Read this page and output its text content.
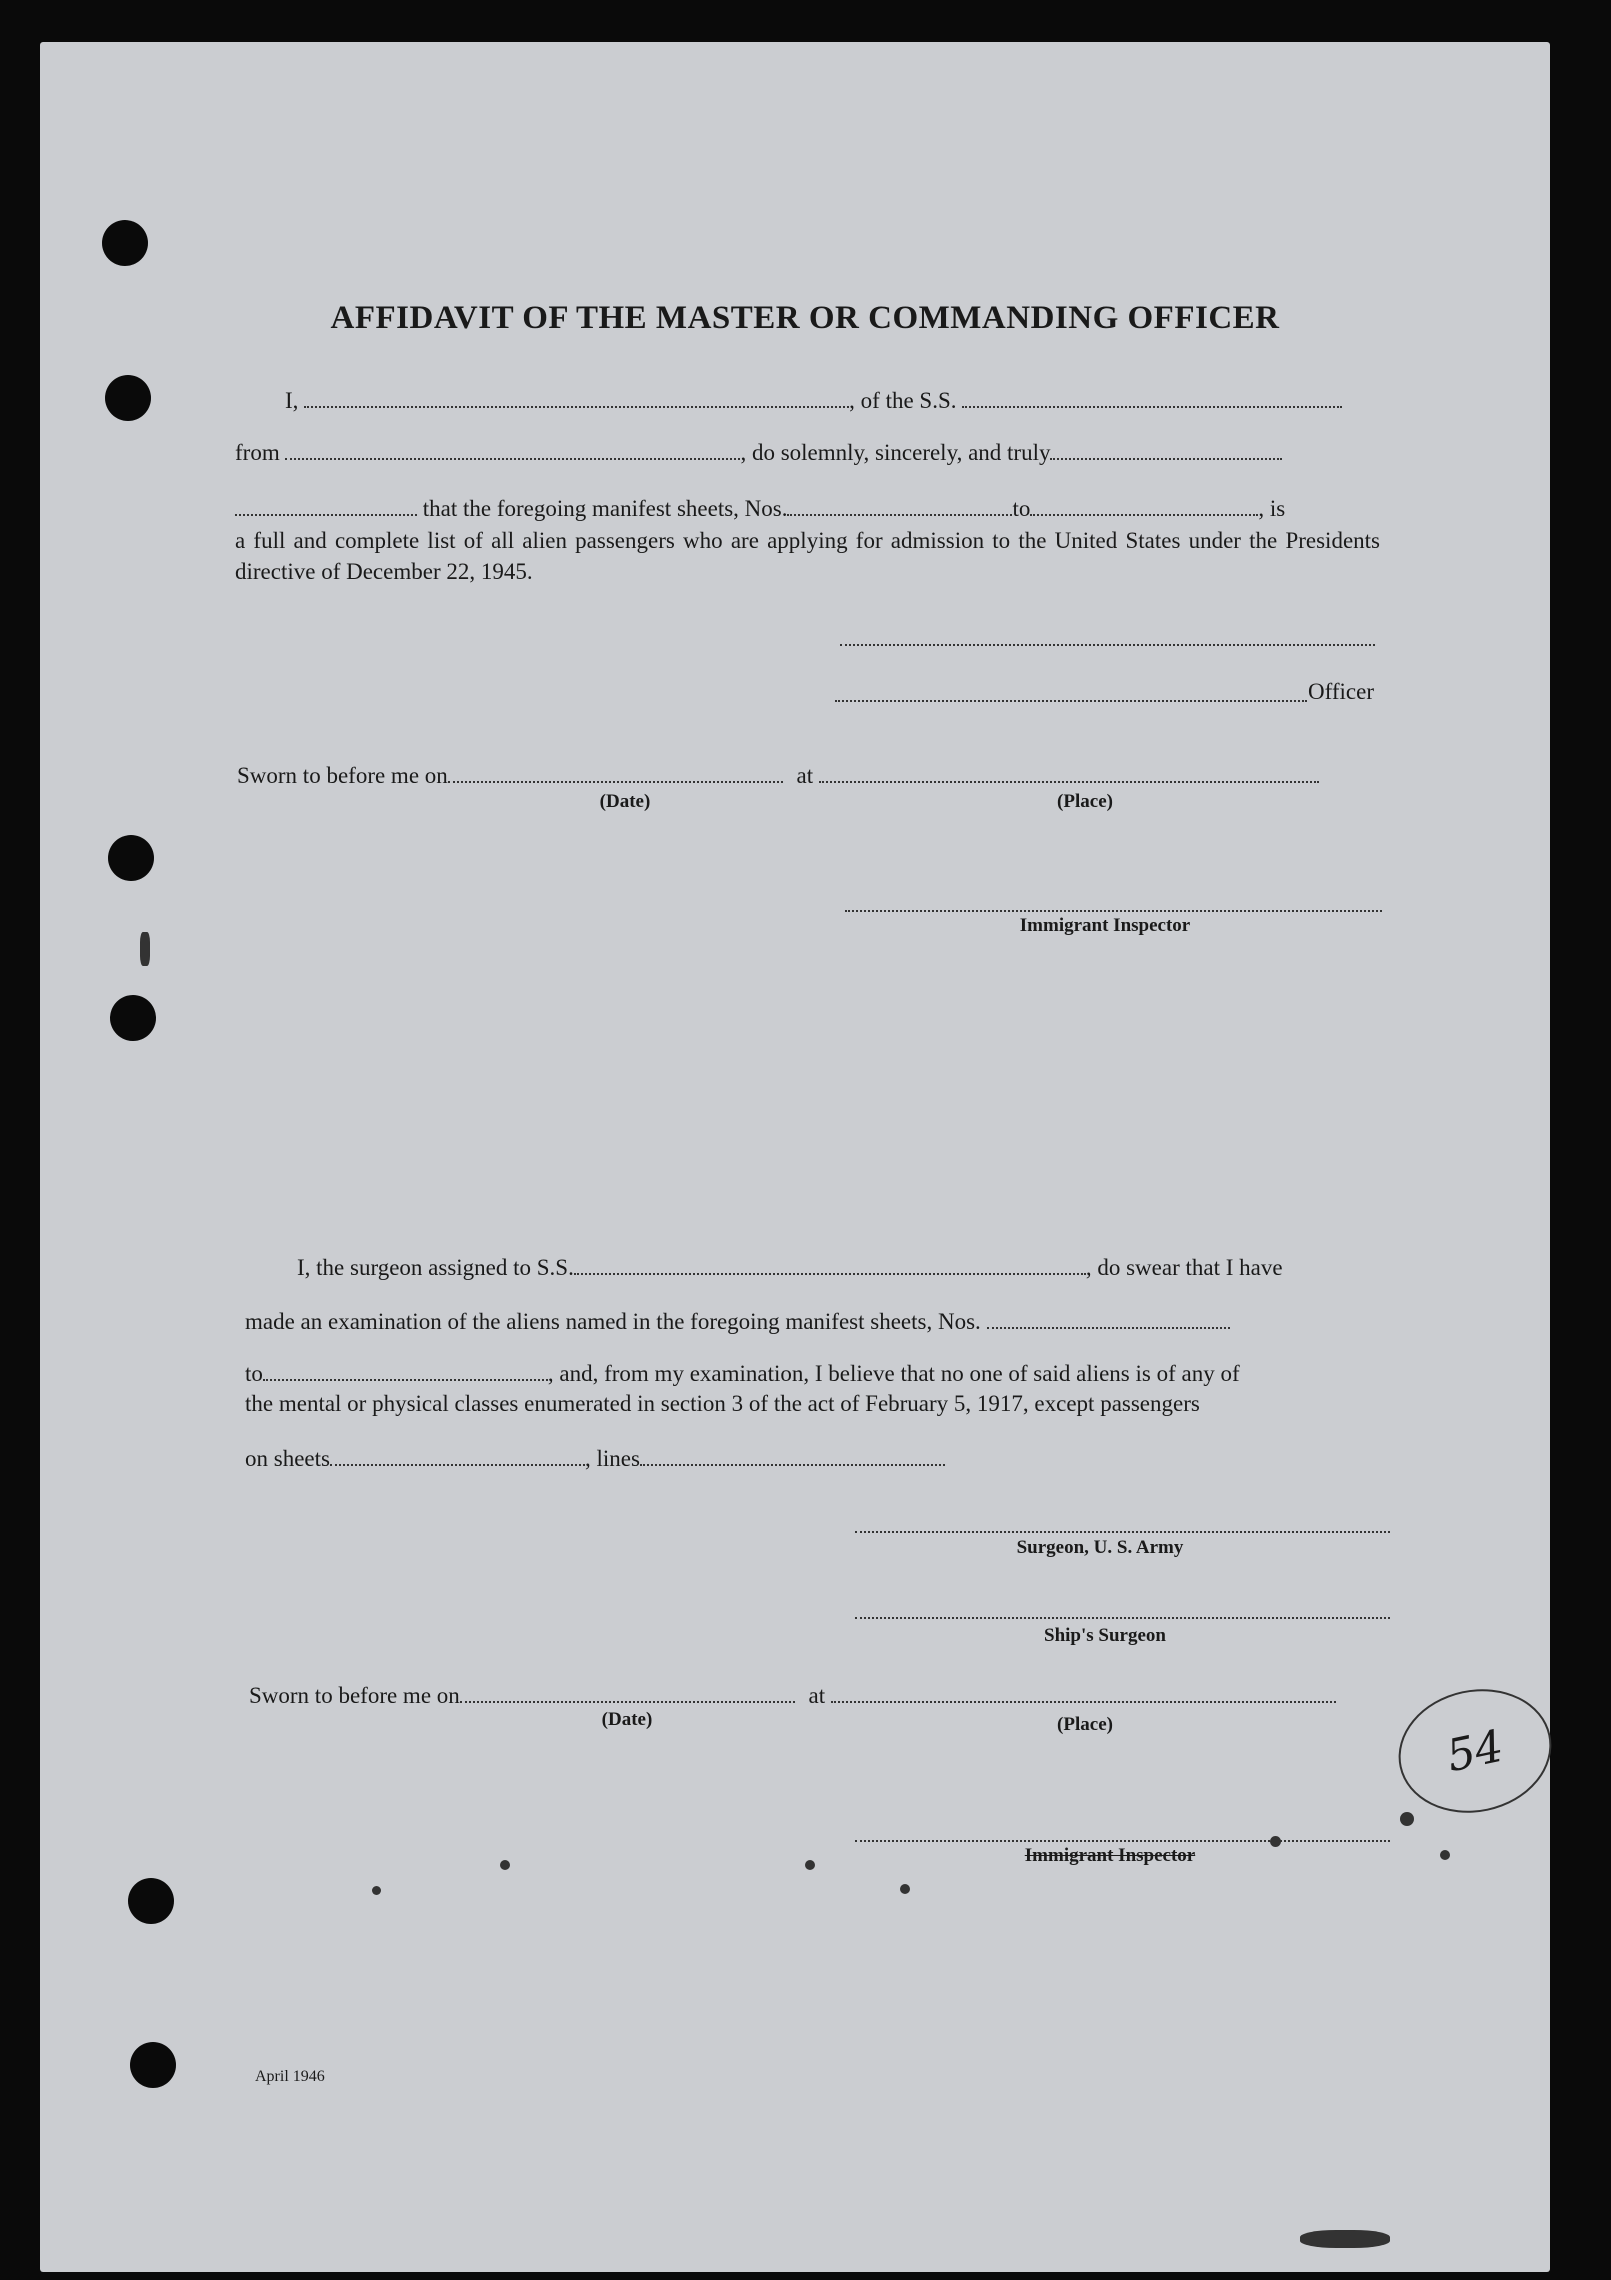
AFFIDAVIT OF THE MASTER OR COMMANDING OFFICER
I,	, of the S.S.
from	, do solemnly, sincerely, and truly
that the foregoing manifest sheets, Nos.	to	, is
a full and complete list of all alien passengers who are applying for admission to the United States under the Presidents directive of December 22, 1945.
Officer
Sworn to before me on	at
(Date)	(Place)
Immigrant Inspector
I, the surgeon assigned to S.S.	, do swear that I have
made an examination of the aliens named in the foregoing manifest sheets, Nos.
to	, and, from my examination, I believe that no one of said aliens is of any of
the mental or physical classes enumerated in section 3 of the act of February 5, 1917, except passengers
on sheets	, lines
Surgeon, U. S. Army
Ship's Surgeon
Sworn to before me on	at
(Date)	(Place)
Immigrant Inspector
54
April 1946
